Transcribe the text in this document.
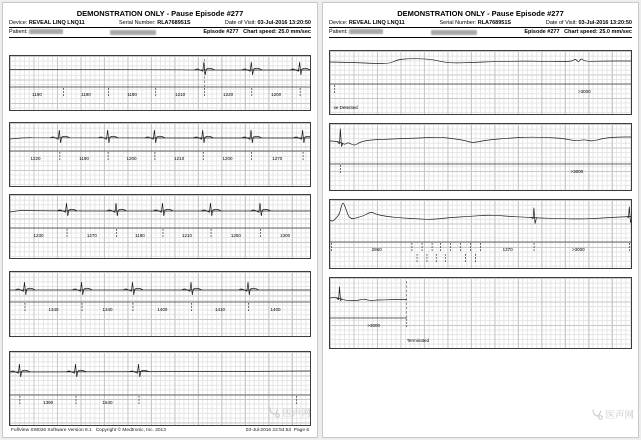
DEMONSTRATION ONLY - Pause Episode #277
Device: REVEAL LINQ LNQ11	Serial Number: RLA768951S	Date of Visit: 03-Jul-2016 13:20:50
Patient:	Episode #277 Chart speed: 25.0 mm/sec
1190	1190	1190	1210	1220	1200
1220	1190	1200	1210	1200	1270
1230	1270	1190	1210	1250	1300
1340	1340	1400	1410	1400
1390	1540
医声网
FullView SW026 Software Version 8.1 Copyright © Medtronic, Inc. 2013	03-Jul-2016 22:54:53 Page 6
DEMONSTRATION ONLY - Pause Episode #277
Device: REVEAL LINQ LNQ11	Serial Number: RLA768951S	Date of Visit: 03-Jul-2016 13:20:50
Patient:	Episode #277 Chart speed: 25.0 mm/sec
>3000
se Detected
>3000
2860	1370	>3000
>3000
Terminated
医声网
